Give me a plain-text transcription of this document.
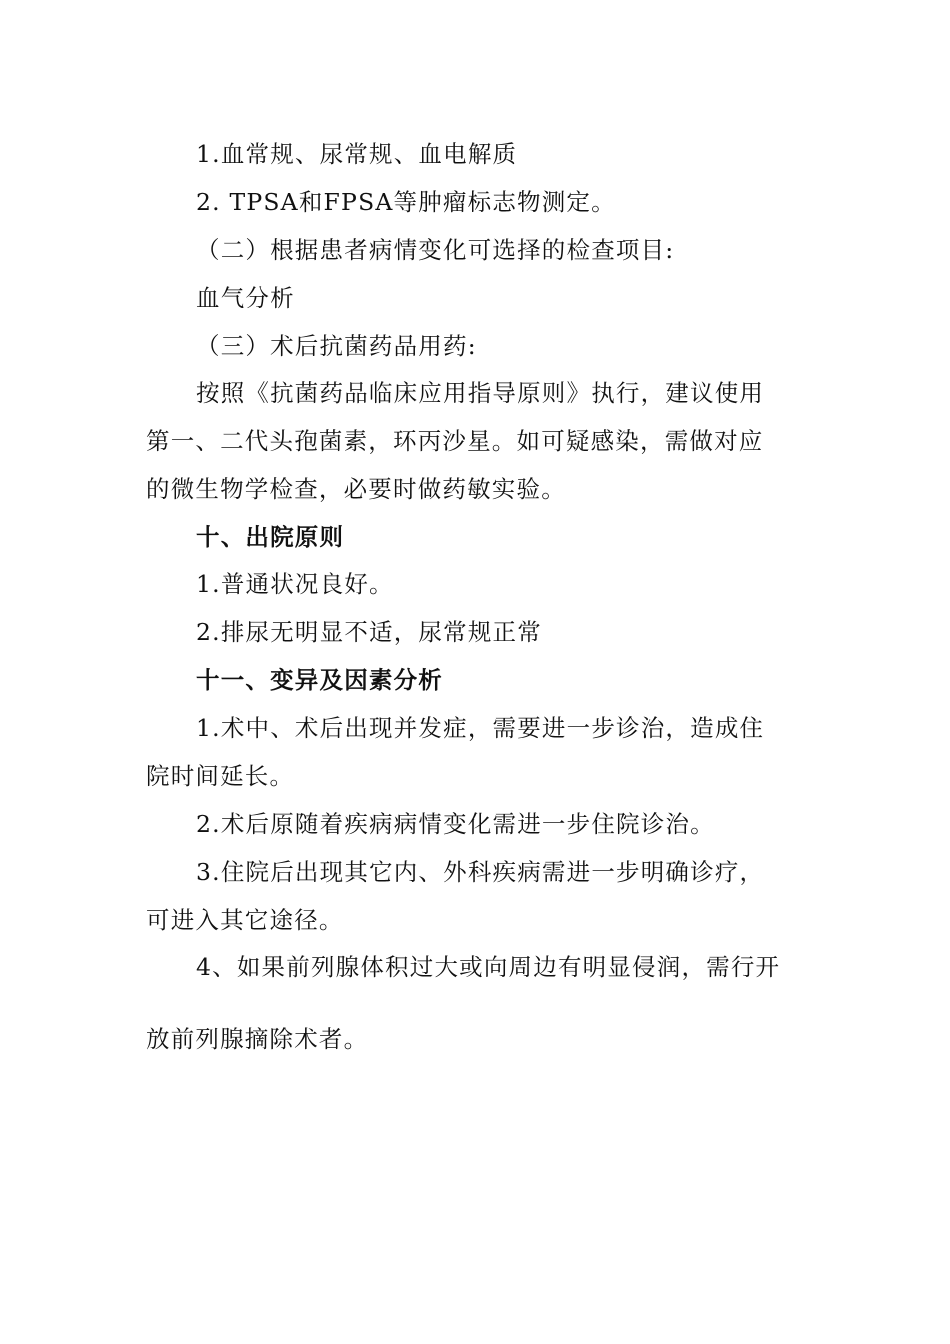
1.血常规、尿常规、血电解质
2. TPSA和FPSA等肿瘤标志物测定。
（二）根据患者病情变化可选择的检查项目:
血气分析
（三）术后抗菌药品用药:
按照《抗菌药品临床应用指导原则》执行，建议使用
第一、二代头孢菌素，环丙沙星。如可疑感染，需做对应
的微生物学检查，必要时做药敏实验。
十、出院原则
1.普通状况良好。
2.排尿无明显不适，尿常规正常
十一、变异及因素分析
1.术中、术后出现并发症，需要进一步诊治，造成住
院时间延长。
2.术后原随着疾病病情变化需进一步住院诊治。
3.住院后出现其它内、外科疾病需进一步明确诊疗，
可进入其它途径。
4、如果前列腺体积过大或向周边有明显侵润，需行开
放前列腺摘除术者。
